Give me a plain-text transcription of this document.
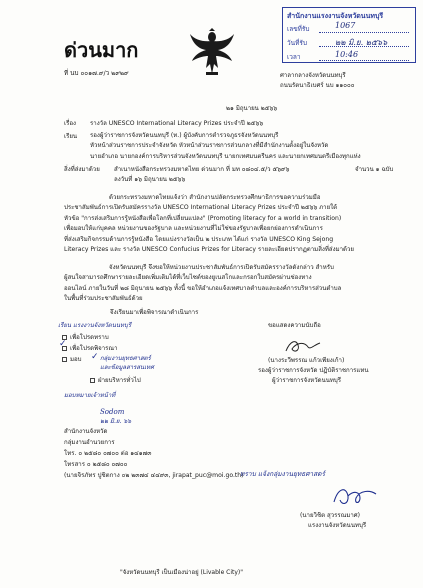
ด่วนมาก
ที่ นบ ๐๐๑๗.๙/ว ๒๙๒๙	ศาลากลางจังหวัดนนทบุรี
ถนนรัตนาธิเบศร์ นบ ๑๑๐๐๐
๒๑ มิถุนายน ๒๕๖๖
สำนักงานแรงงานจังหวัดนนทบุรี
เลขที่รับ	1067
วันที่รับ	๒๒ มิ.ย. ๒๕๖๖
เวลา	10:46
เรื่อง รางวัล UNESCO International Literacy Prizes ประจำปี ๒๕๖๖
เรียน รองผู้ว่าราชการจังหวัดนนทบุรี (ท.) ผู้บังคับการตำรวจภูธรจังหวัดนนทบุรี
หัวหน้าส่วนราชการประจำจังหวัด หัวหน้าส่วนราชการส่วนกลางที่มีสำนักงานตั้งอยู่ในจังหวัด
นายอำเภอ นายกองค์การบริหารส่วนจังหวัดนนทบุรี นายกเทศมนตรีนคร และนายกเทศมนตรีเมืองทุกแห่ง
สิ่งที่ส่งมาด้วย สำเนาหนังสือกระทรวงมหาดไทย ด่วนมาก ที่ มท ๐๘๐๔.๕/ว ๕๖๙๖	จำนวน ๑ ฉบับ
ลงวันที่ ๑๖ มิถุนายน ๒๕๖๖
ด้วยกระทรวงมหาดไทยแจ้งว่า สำนักงานปลัดกระทรวงศึกษาธิการขอความร่วมมือ
ประชาสัมพันธ์การเปิดรับสมัครรางวัล UNESCO International Literacy Prizes ประจำปี ๒๕๖๖ ภายใต้
หัวข้อ "การส่งเสริมการรู้หนังสือเพื่อโลกที่เปลี่ยนแปลง" (Promoting literacy for a world in transition)
เพื่อมอบให้แก่บุคคล หน่วยงานของรัฐบาล และหน่วยงานที่ไม่ใช่ของรัฐบาลเพื่อยกย่องการดำเนินการ
ที่ส่งเสริมกิจกรรมด้านการรู้หนังสือ โดยแบ่งรางวัลเป็น ๒ ประเภท ได้แก่ รางวัล UNESCO King Sejong
Literacy Prizes และ รางวัล UNESCO Confucius Prizes for Literacy รายละเอียดปรากฏตามสิ่งที่ส่งมาด้วย
จังหวัดนนทบุรี จึงขอให้หน่วยงานประชาสัมพันธ์การเปิดรับสมัครรางวัลดังกล่าว สำหรับ
ผู้สนใจสามารถศึกษารายละเอียดเพิ่มเติมได้ที่เว็บไซต์ของยูเนสโกและกรอกใบสมัครผ่านช่องทาง
ออนไลน์ ภายในวันที่ ๒๘ มิถุนายน ๒๕๖๖ ทั้งนี้ ขอให้อำเภอแจ้งเทศบาลตำบลและองค์การบริหารส่วนตำบล
ในพื้นที่ร่วมประชาสัมพันธ์ด้วย
จึงเรียนมาเพื่อพิจารณาดำเนินการ
ขอแสดงความนับถือ
เรียน แรงงานจังหวัดนนทบุรี
เพื่อโปรดทราบ
เพื่อโปรดพิจารณา
✓
มอบ ✓ กลุ่มงานยุทธศาสตร์และข้อมูลสารสนเทศ
ฝ่ายบริหารทั่วไป
มอบหมายเจ้าหน้าที่
Sodom
๒๒ มิ.ย. ๖๖
(นางระวีพรรณ แก้วเพียงเก้า)
รองผู้ว่าราชการจังหวัด ปฏิบัติราชการแทน
ผู้ว่าราชการจังหวัดนนทบุรี
สำนักงานจังหวัด
กลุ่มงานอำนวยการ
โทร. ๐ ๒๕๘๐ ๐๗๐๐ ต่อ ๑๔๑๗๓
โทรสาร ๐ ๒๕๘๐ ๐๗๐๐
(นายจิรภัทร ปูชิตกาง ๐๒ ๒๓๗๔ ๔๔๙๓, jirapat_puc@moi.go.th)
ทราบ แจ้งกลุ่มงานยุทธศาสตร์
(นายวิชิต สุวรรณมาศ)
แรงงานจังหวัดนนทบุรี
"จังหวัดนนทบุรี เป็นเมืองน่าอยู่ (Livable City)"
